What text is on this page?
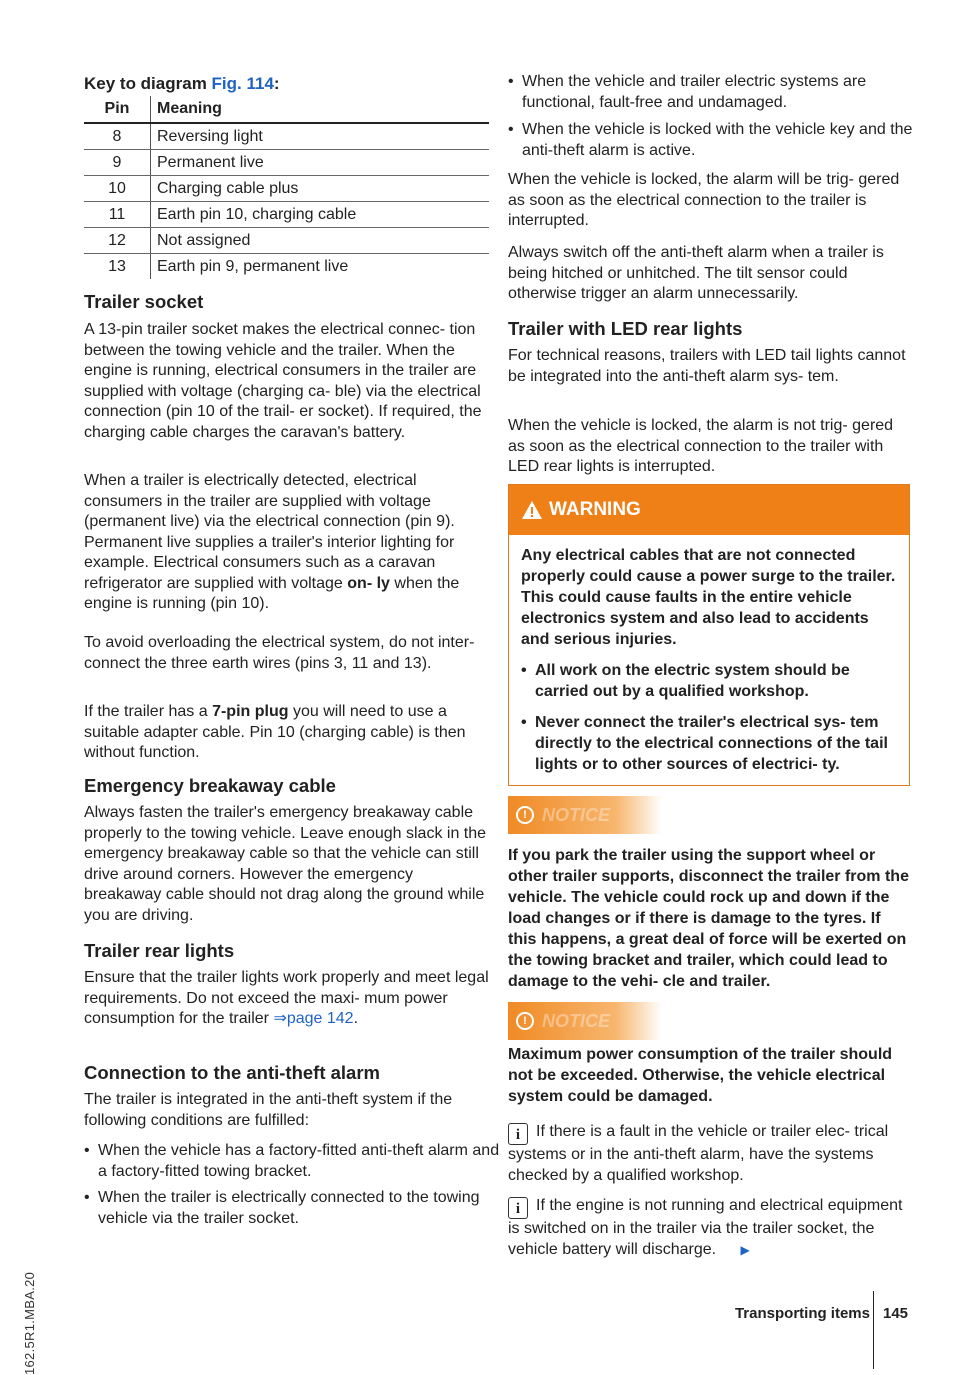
Key to diagram Fig. 114:
Pin	Meaning
8	Reversing light
9	Permanent live
10	Charging cable plus
11	Earth pin 10, charging cable
12	Not assigned
13	Earth pin 9, permanent live
Trailer socket

A 13-pin trailer socket makes the electrical connec- tion between the towing vehicle and the trailer. When the engine is running, electrical consumers in the trailer are supplied with voltage (charging ca- ble) via the electrical connection (pin 10 of the trail- er socket). If required, the charging cable charges the caravan's battery.

When a trailer is electrically detected, electrical consumers in the trailer are supplied with voltage (permanent live) via the electrical connection (pin 9). Permanent live supplies a trailer's interior lighting for example. Electrical consumers such as a caravan refrigerator are supplied with voltage on- ly when the engine is running (pin 10).

To avoid overloading the electrical system, do not inter-connect the three earth wires (pins 3, 11 and 13).

If the trailer has a 7-pin plug you will need to use a suitable adapter cable. Pin 10 (charging cable) is then without function.

Emergency breakaway cable

Always fasten the trailer's emergency breakaway cable properly to the towing vehicle. Leave enough slack in the emergency breakaway cable so that the vehicle can still drive around corners. However the emergency breakaway cable should not drag along the ground while you are driving.

Trailer rear lights

Ensure that the trailer lights work properly and meet legal requirements. Do not exceed the maxi- mum power consumption for the trailer ⇒page 142.

Connection to the anti-theft alarm

The trailer is integrated in the anti-theft system if the following conditions are fulfilled:

• When the vehicle has a factory-fitted anti-theft alarm and a factory-fitted towing bracket.

• When the trailer is electrically connected to the towing vehicle via the trailer socket.

• When the vehicle and trailer electric systems are functional, fault-free and undamaged.

• When the vehicle is locked with the vehicle key and the anti-theft alarm is active.

When the vehicle is locked, the alarm will be trig- gered as soon as the electrical connection to the trailer is interrupted.

Always switch off the anti-theft alarm when a trailer is being hitched or unhitched. The tilt sensor could otherwise trigger an alarm unnecessarily.

Trailer with LED rear lights

For technical reasons, trailers with LED tail lights cannot be integrated into the anti-theft alarm sys- tem.

When the vehicle is locked, the alarm is not trig- gered as soon as the electrical connection to the trailer with LED rear lights is interrupted.

WARNING

Any electrical cables that are not connected properly could cause a power surge to the trailer. This could cause faults in the entire vehicle electronics system and also lead to accidents and serious injuries.

• All work on the electric system should be carried out by a qualified workshop.

• Never connect the trailer's electrical sys- tem directly to the electrical connections of the tail lights or to other sources of electrici- ty.

! NOTICE

If you park the trailer using the support wheel or other trailer supports, disconnect the trailer from the vehicle. The vehicle could rock up and down if the load changes or if there is damage to the tyres. If this happens, a great deal of force will be exerted on the towing bracket and trailer, which could lead to damage to the vehi- cle and trailer.

! NOTICE

Maximum power consumption of the trailer should not be exceeded. Otherwise, the vehicle electrical system could be damaged.

iIf there is a fault in the vehicle or trailer elec- trical systems or in the anti-theft alarm, have the systems checked by a qualified workshop.

iIf the engine is not running and electrical equipment is switched on in the trailer via the trailer socket, the vehicle battery will discharge. ▶

162.5R1.MBA.20	Transporting items 145
